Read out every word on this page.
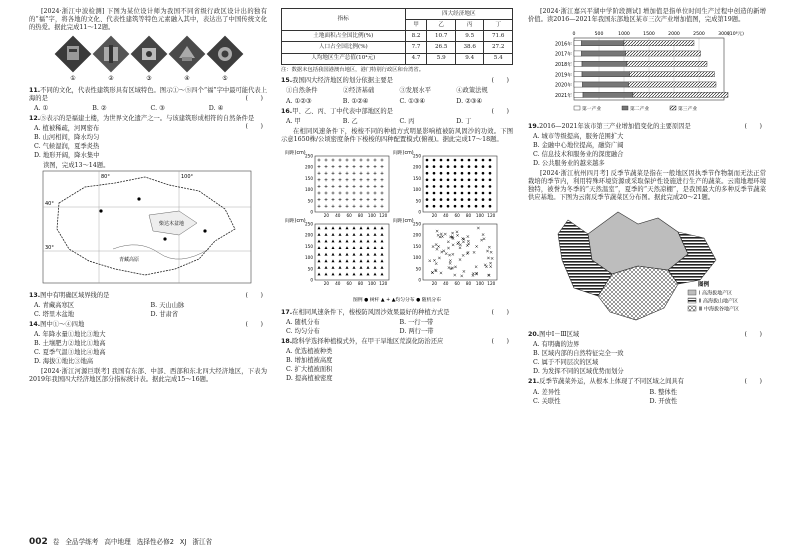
[2024·浙江中波检测] 下图为某位设计师为我国不同省级行政区设计出的独有的“福”字，将各地的文化、代表性建筑等特色元素融入其中，表达出了中国传统文化的热爱。据此完成11～12题。

①	②	③	④	⑤

11.不同的文化，代表性建筑形具有区域特色。图示①～⑤四个“福”字中最可能代表上海的是	(　　)

A. ①	B. ②	C. ③	D. ④

12.⑤表示的是福建土楼，为世界文化遗产之一。与该建筑形成相符的自然条件是
(　　)

A. 植被稀疏，河网密布
B. 山河相间，降水均匀
C. 气候湿润，夏季炎热
D. 地形开阔，降水集中

读图，完成13～14题。

80°	100°
40°
30°
柴达木盆地
青藏高原

13.图中有明确区域界线的是	(　　)

A. 青藏高寒区	B. 天山山脉
C. 塔里木盆地	D. 甘肃省

14.图中①～④四地	(　　)

A. 年降水量①地比③地大
B. 土壤肥力②地比①地高
C. 夏季气温③地比④地高
D. 海拔①地比③地高

[2024·浙江河源巨联考] 我国有东部、中部、西部和东北四大经济地区，下表为2019年我国四大经济地区部分指标统计表。据此完成15～16题。

指标	四大经济地区			
	甲	乙	丙	丁
土地面积占全国比例(%)	8.2	10.7	9.5	71.6
人口占全国比例(%)	7.7	26.5	38.6	27.2
人均地区生产总值(10⁴元)	4.7	5.9	9.4	5.4

注：数据未包括我国港澳台地区，港门特别行政区和台湾省。

15.我国四大经济地区的划分依据主要是	(　　)

①自然条件	②经济基础	③发展水平	④政策法规
A. ①②③	B. ①②④	C. ①③④	D. ②③④

16.甲、乙、丙、丁中代表中部地区的是	(　　)

A. 甲	B. 乙	C. 丙	D. 丁

在相同风速条件下，梭梭不同的种植方式明显影响植被防风固沙的功效。下图示意1650株/公顷密度条件下梭梭的四种配置模式(俯视)。据此完成17～18题。

间距(cm)
0
50
100
150
200
250
20 40 60 80 100 120
间距(cm)
0
50
100
150
200
250
20 40 60 80 100 120
间距(cm)
0
50
100
150
200
250
20 40 60 80 100 120
间距(cm)
0
50
100
150
200
250
20 40 60 80 100 120
图例 ● 树杆 ▲ + ▲均匀分布 ● 随机分布

17.在相同风速条件下，梭梭防风固沙效果最好的种植方式是	(　　)

A. 随机分布	B. 一行一带
C. 均匀分布	D. 两行一带

18.除科学选择种植模式外，在甲干旱地区荒漠化防治还应	(　　)

A. 优选植被种类
B. 增加植被高度
C. 扩大植被面积
D. 提高植被密度

[2024·浙江嘉兴平湖中学阶段测试] 增加值是指单位时间生产过程中创造的新增价值。读2016—2021年我国东部地区某市三次产业增加值图，完成第19题。

0	500	1000	1500	2000	2500	3000
(10⁸元)
2016年
2017年
2018年
2019年
2020年
2021年
第一产业	第二产业	第三产业

19.2016—2021年该市第三产业增加值变化的主要原因是	(　　)

A. 城市等级提高，服务范围扩大
B. 金融中心地位提高，融资广阔
C. 信息技术和服务业的深度融合
D. 公共服务业的越来越多

[2024·浙江杭州四月考] 反季节蔬菜是指在一般地区因执季节作物制而无法正常栽培的季节内，利用特殊环境资源或采取保护性设施进行生产的蔬菜。云南地理环境独特，被誉为冬季的“天然温室”，夏季的“天然凉棚”，是我国最大的多种反季节蔬菜供应基地。下图为云南反季节蔬菜区分布图。据此完成20～21题。

图例
Ⅰ 高海拔地产区
Ⅱ 高海拔山地产区
Ⅲ 中海拔谷地产区

20.图中Ⅰ－Ⅲ区域	(　　)

A. 有明确的边界
B. 区域内部的自然特征完全一致
C. 属于不同层次的区域
D. 为发挥不同的区域优势而划分

21.反季节蔬菜外运，从根本上体现了不同区域之间具有	(　　)

A. 差异性	B. 整体性
C. 关联性	D. 开放性
002 卷 全品学练考 高中地理 选择性必修2 XJ 浙江省
